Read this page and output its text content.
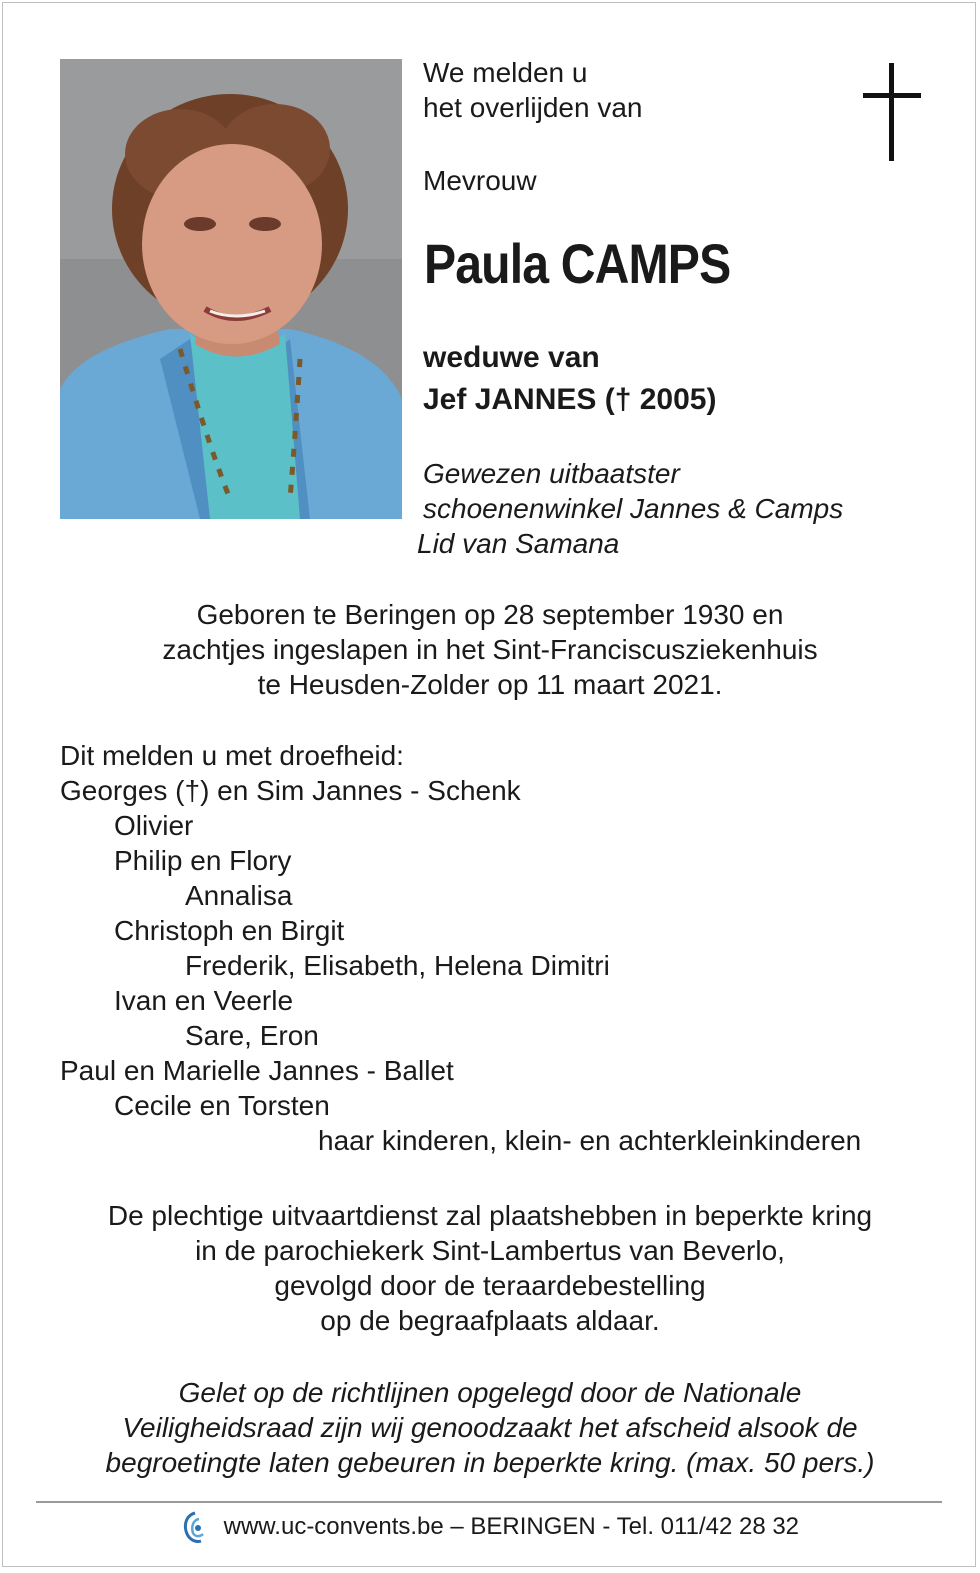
We melden u
het overlijden van
Mevrouw
Paula CAMPS
weduwe van
Jef JANNES († 2005)
Gewezen uitbaatster
schoenenwinkel Jannes & Camps
Lid van Samana
Geboren te Beringen op 28 september 1930 en
zachtjes ingeslapen in het Sint-Franciscusziekenhuis
te Heusden-Zolder op 11 maart 2021.
Dit melden u met droefheid:
Georges (†) en Sim Jannes - Schenk
Olivier
Philip en Flory
Annalisa
Christoph en Birgit
Frederik, Elisabeth, Helena Dimitri
Ivan en Veerle
Sare, Eron
Paul en Marielle Jannes - Ballet
Cecile en Torsten
haar kinderen, klein- en achterkleinkinderen
De plechtige uitvaartdienst zal plaatshebben in beperkte kring
in de parochiekerk Sint-Lambertus van Beverlo,
gevolgd door de teraardebestelling
op de begraafplaats aldaar.
Gelet op de richtlijnen opgelegd door de Nationale
Veiligheidsraad zijn wij genoodzaakt het afscheid alsook de
begroetingte laten gebeuren in beperkte kring. (max. 50 pers.)
www.uc-convents.be – BERINGEN - Tel. 011/42 28 32
